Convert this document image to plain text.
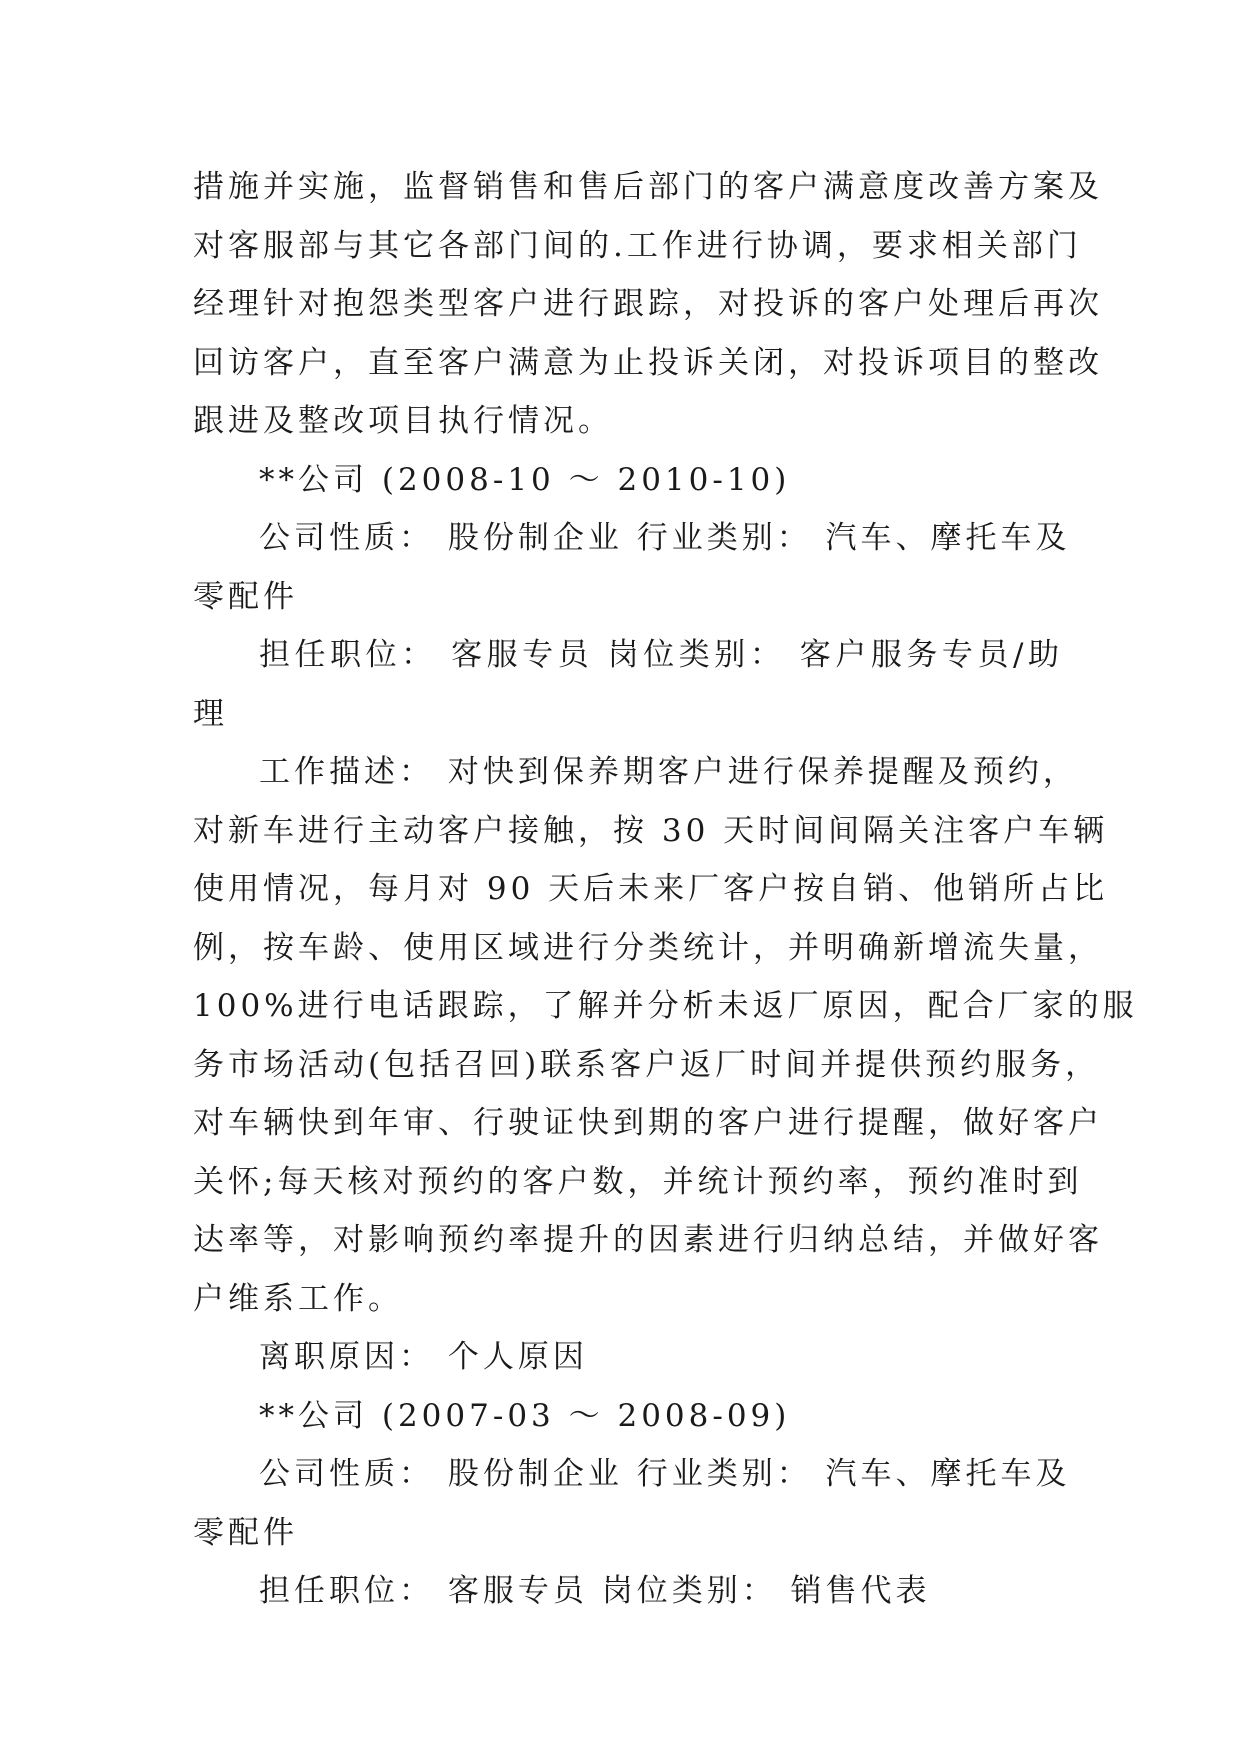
措施并实施，监督销售和售后部门的客户满意度改善方案及
对客服部与其它各部门间的.工作进行协调，要求相关部门
经理针对抱怨类型客户进行跟踪，对投诉的客户处理后再次
回访客户，直至客户满意为止投诉关闭，对投诉项目的整改
跟进及整改项目执行情况。

**公司 (2008-10 ～ 2010-10)

公司性质： 股份制企业 行业类别： 汽车、摩托车及
零配件

担任职位： 客服专员 岗位类别： 客户服务专员/助理

工作描述： 对快到保养期客户进行保养提醒及预约，
对新车进行主动客户接触，按 30 天时间间隔关注客户车辆
使用情况，每月对 90 天后未来厂客户按自销、他销所占比
例，按车龄、使用区域进行分类统计，并明确新增流失量，
100%进行电话跟踪，了解并分析未返厂原因，配合厂家的服
务市场活动(包括召回)联系客户返厂时间并提供预约服务，
对车辆快到年审、行驶证快到期的客户进行提醒，做好客户
关怀;每天核对预约的客户数，并统计预约率，预约准时到
达率等，对影响预约率提升的因素进行归纳总结，并做好客
户维系工作。

离职原因： 个人原因

**公司 (2007-03 ～ 2008-09)

公司性质： 股份制企业 行业类别： 汽车、摩托车及
零配件

担任职位： 客服专员 岗位类别： 销售代表
